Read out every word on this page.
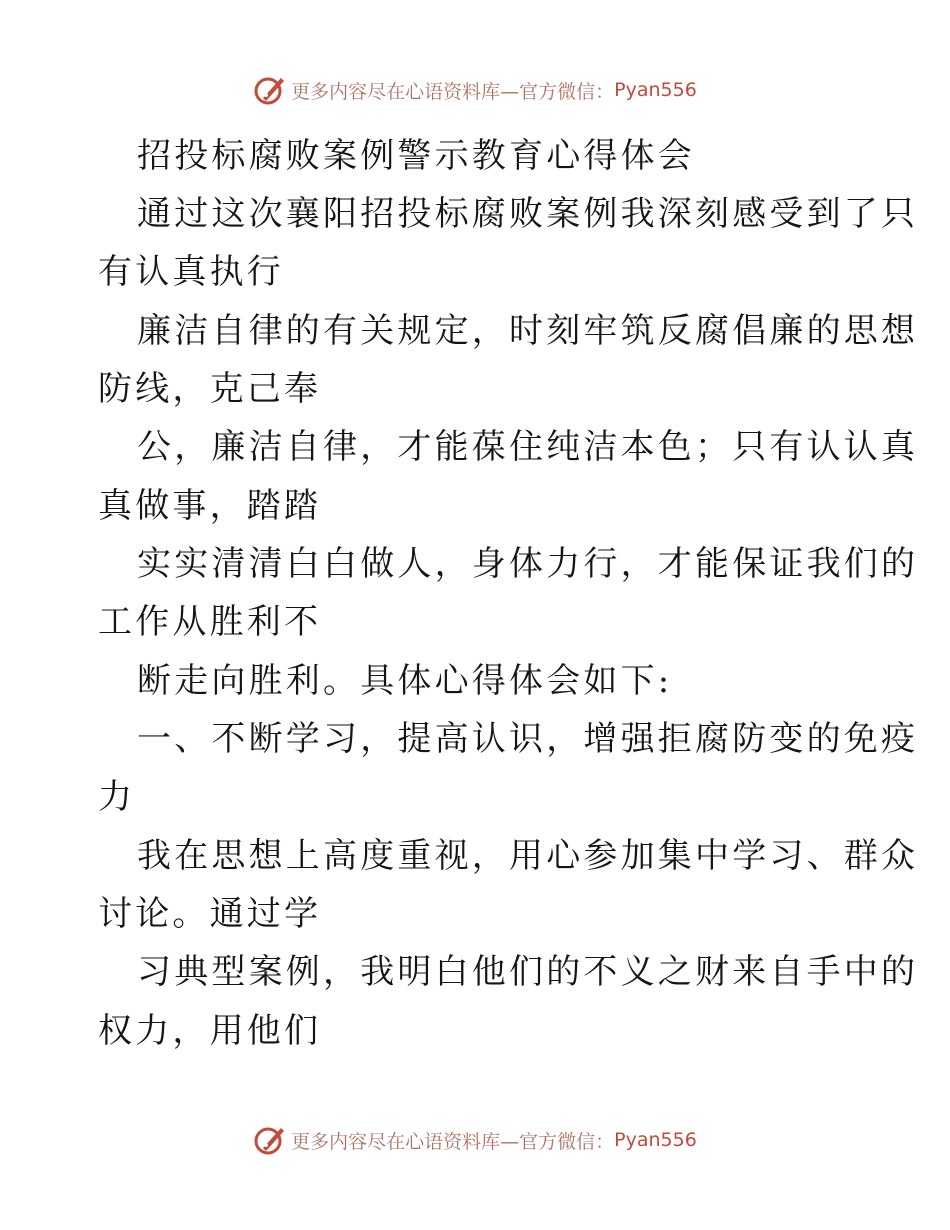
更多内容尽在心语资料库—官方微信： Pyan556
招投标腐败案例警示教育心得体会
通过这次襄阳招投标腐败案例我深刻感受到了只
有认真执行
廉洁自律的有关规定，时刻牢筑反腐倡廉的思想
防线，克己奉
公，廉洁自律，才能葆住纯洁本色；只有认认真
真做事，踏踏
实实清清白白做人，身体力行，才能保证我们的
工作从胜利不
断走向胜利。具体心得体会如下:
一、不断学习，提高认识，增强拒腐防变的免疫
力
我在思想上高度重视，用心参加集中学习、群众
讨论。通过学
习典型案例，我明白他们的不义之财来自手中的
权力，用他们
更多内容尽在心语资料库—官方微信： Pyan556
